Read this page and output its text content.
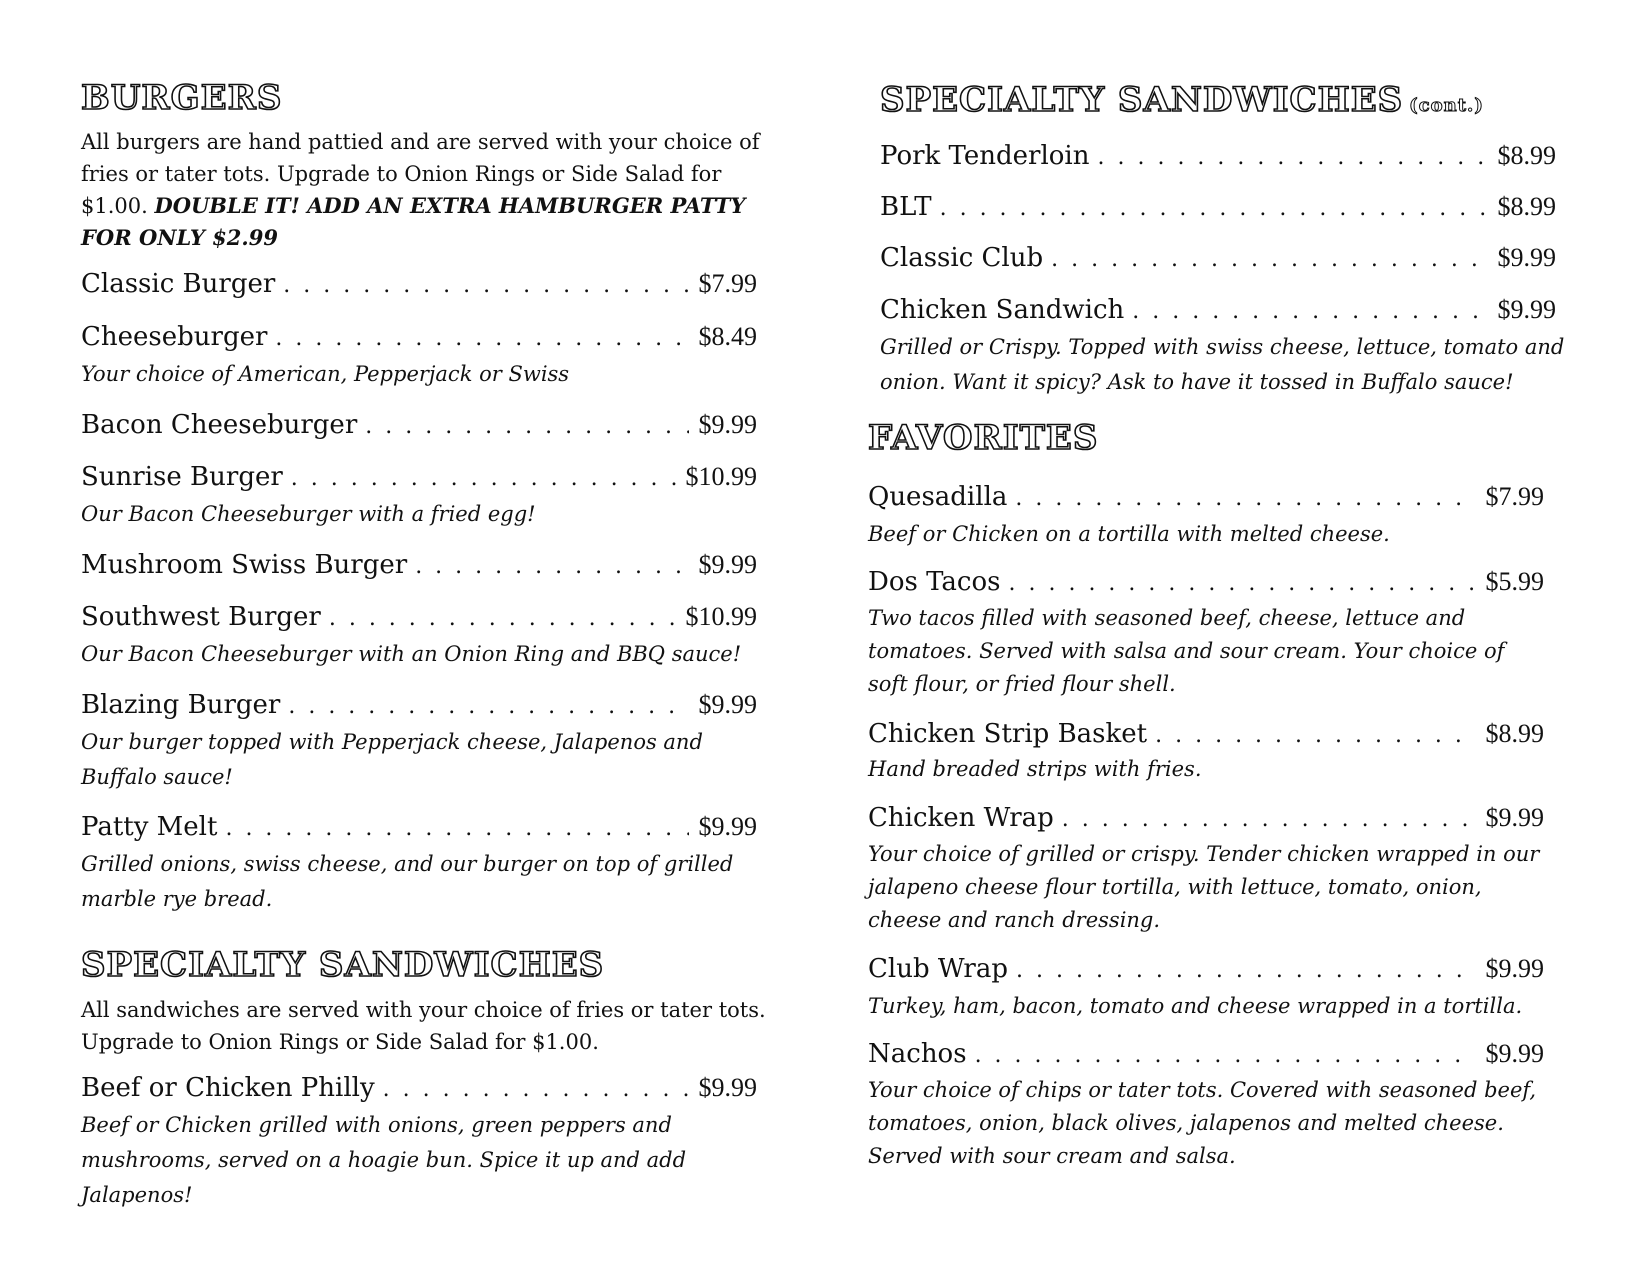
BURGERS

All burgers are hand pattied and are served with your choice of fries or tater tots. Upgrade to Onion Rings or Side Salad for $1.00. DOUBLE IT! ADD AN EXTRA HAMBURGER PATTY FOR ONLY $2.99

Classic Burger . . .	$7.99
Cheeseburger . . .	$8.49

Your choice of American, Pepperjack or Swiss

Bacon Cheeseburger . . .	$9.99
Sunrise Burger . . .	$10.99

Our Bacon Cheeseburger with a fried egg!

Mushroom Swiss Burger . . .	$9.99
Southwest Burger . . .	$10.99

Our Bacon Cheeseburger with an Onion Ring and BBQ sauce!

Blazing Burger . . .	$9.99

Our burger topped with Pepperjack cheese, Jalapenos and Buffalo sauce!

Patty Melt . . .	$9.99

Grilled onions, swiss cheese, and our burger on top of grilled marble rye bread.

SPECIALTY SANDWICHES

All sandwiches are served with your choice of fries or tater tots. Upgrade to Onion Rings or Side Salad for $1.00.

Beef or Chicken Philly . . .	$9.99

Beef or Chicken grilled with onions, green peppers and mushrooms, served on a hoagie bun. Spice it up and add Jalapenos!

SPECIALTY SANDWICHES (cont.)
Pork Tenderloin . . .	$8.99
BLT . . .	$8.99
Classic Club . . .	$9.99
Chicken Sandwich . . .	$9.99

Grilled or Crispy. Topped with swiss cheese, lettuce, tomato and onion. Want it spicy? Ask to have it tossed in Buffalo sauce!

FAVORITES
Quesadilla . . .	$7.99

Beef or Chicken on a tortilla with melted cheese.

Dos Tacos . . .	$5.99

Two tacos filled with seasoned beef, cheese, lettuce and tomatoes. Served with salsa and sour cream. Your choice of soft flour, or fried flour shell.

Chicken Strip Basket . . .	$8.99

Hand breaded strips with fries.

Chicken Wrap . . .	$9.99

Your choice of grilled or crispy. Tender chicken wrapped in our jalapeno cheese flour tortilla, with lettuce, tomato, onion, cheese and ranch dressing.

Club Wrap . . .	$9.99

Turkey, ham, bacon, tomato and cheese wrapped in a tortilla.

Nachos . . .	$9.99

Your choice of chips or tater tots. Covered with seasoned beef, tomatoes, onion, black olives, jalapenos and melted cheese. Served with sour cream and salsa.
